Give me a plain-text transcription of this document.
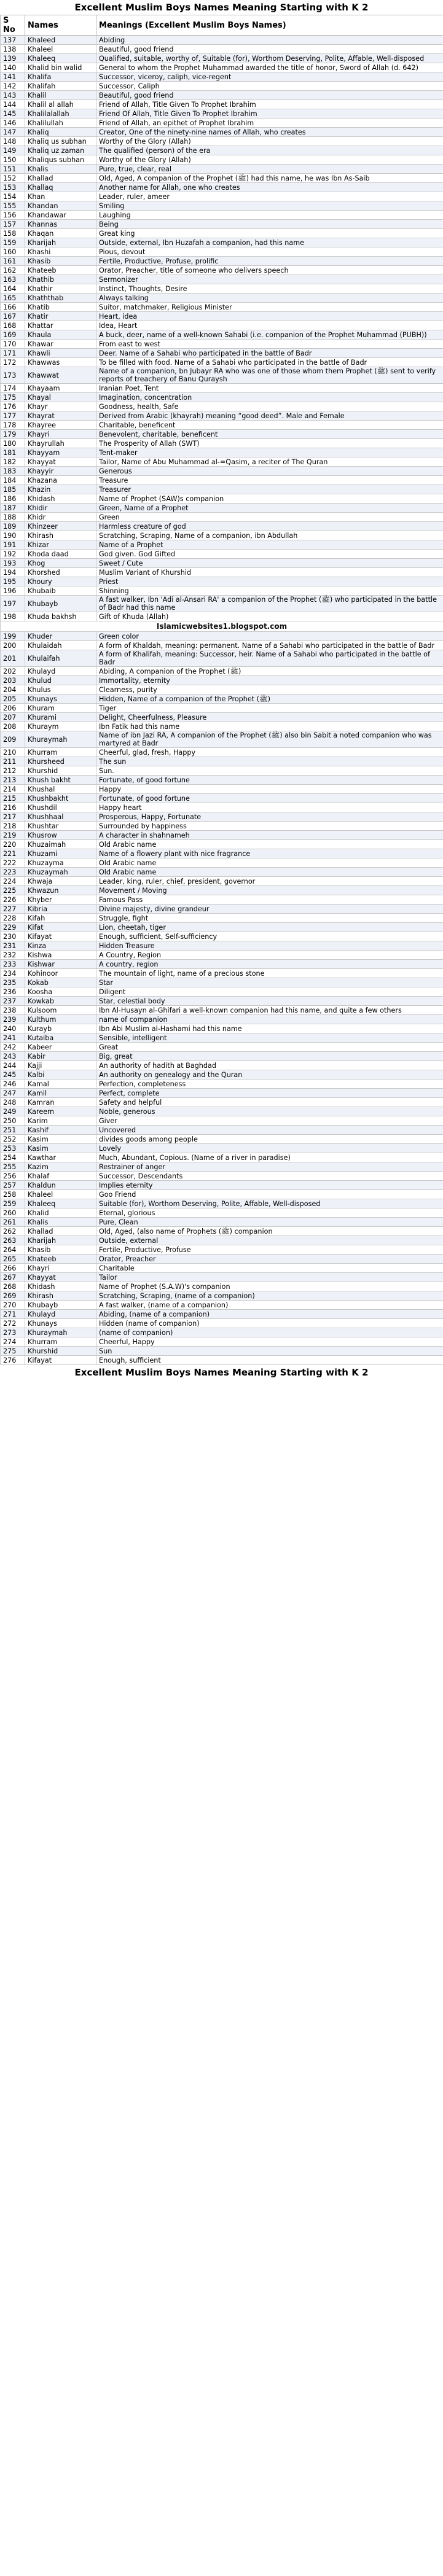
Excellent Muslim Boys Names Meaning Starting with K 2
S No	Names	Meanings (Excellent Muslim Boys Names)
137	Khaleed	Abiding
138	Khaleel	Beautiful, good friend
139	Khaleeq	Qualified, suitable, worthy of, Suitable (for), Worthom Deserving, Polite, Affable, Well-disposed
140	Khalid bin walid	General to whom the Prophet Muhammad awarded the title of honor, Sword of Allah (d. 642)
141	Khalifa	Successor, viceroy, caliph, vice-regent
142	Khalifah	Successor, Caliph
143	Khalil	Beautiful, good friend
144	Khalil al allah	Friend of Allah, Title Given To Prophet Ibrahim
145	Khalilalallah	Friend Of Allah, Title Given To Prophet Ibrahim
146	Khalilullah	Friend of Allah, an epithet of Prophet Ibrahim
147	Khaliq	Creator, One of the ninety-nine names of Allah, who creates
148	Khaliq us subhan	Worthy of the Glory (Allah)
149	Khaliq uz zaman	The qualified (person) of the era
150	Khaliqus subhan	Worthy of the Glory (Allah)
151	Khalis	Pure, true, clear, real
152	Khallad	Old, Aged, A companion of the Prophet (ﷺ) had this name, he was Ibn As-Saib
153	Khallaq	Another name for Allah, one who creates
154	Khan	Leader, ruler, ameer
155	Khandan	Smiling
156	Khandawar	Laughing
157	Khannas	Being
158	Khaqan	Great king
159	Kharijah	Outside, external, Ibn Huzafah a companion, had this name
160	Khashi	Pious, devout
161	Khasib	Fertile, Productive, Profuse, prolific
162	Khateeb	Orator, Preacher, title of someone who delivers speech
163	Khathib	Sermonizer
164	Khathir	Instinct, Thoughts, Desire
165	Khaththab	Always talking
166	Khatib	Suitor, matchmaker, Religious Minister
167	Khatir	Heart, idea
168	Khattar	Idea, Heart
169	Khaula	A buck, deer, name of a well-known Sahabi (i.e. companion of the Prophet Muhammad (PUBH))
170	Khawar	From east to west
171	Khawli	Deer. Name of a Sahabi who participated in the battle of Badr
172	Khawwas	To be filled with food. Name of a Sahabi who participated in the battle of Badr
173	Khawwat	Name of a companion, bn Jubayr RA who was one of those whom them Prophet (ﷺ) sent to verify reports of treachery of Banu Quraysh
174	Khayaam	Iranian Poet, Tent
175	Khayal	Imagination, concentration
176	Khayr	Goodness, health, Safe
177	Khayrat	Derived from Arabic (khayrah) meaning “good deed”. Male and Female
178	Khayree	Charitable, beneficent
179	Khayri	Benevolent, charitable, beneficent
180	Khayrullah	The Prosperity of Allah (SWT)
181	Khayyam	Tent-maker
182	Khayyat	Tailor, Name of Abu Muhammad al-=Qasim, a reciter of The Quran
183	Khayyir	Generous
184	Khazana	Treasure
185	Khazin	Treasurer
186	Khidash	Name of Prophet (SAW)s companion
187	Khidir	Green, Name of a Prophet
188	Khidr	Green
189	Khinzeer	Harmless creature of god
190	Khirash	Scratching, Scraping, Name of a companion, ibn Abdullah
191	Khizar	Name of a Prophet
192	Khoda daad	God given. God Gifted
193	Khog	Sweet / Cute
194	Khorshed	Muslim Variant of Khurshid
195	Khoury	Priest
196	Khubaib	Shinning
197	Khubayb	A fast walker, Ibn 'Adi al-Ansari RA' a companion of the Prophet (ﷺ) who participated in the battle of Badr had this name
198	Khuda bakhsh	Gift of Khuda (Allah)
Islamicwebsites1.blogspot.com		
199	Khuder	Green color
200	Khulaidah	A form of Khaldah, meaning: permanent. Name of a Sahabi who participated in the battle of Badr
201	Khulaifah	A form of Khalifah, meaning: Successor, heir. Name of a Sahabi who participated in the battle of Badr
202	Khulayd	Abiding, A companion of the Prophet (ﷺ)
203	Khulud	Immortality, eternity
204	Khulus	Clearness, purity
205	Khunays	Hidden, Name of a companion of the Prophet (ﷺ)
206	Khuram	Tiger
207	Khurami	Delight, Cheerfulness, Pleasure
208	Khuraym	Ibn Fatik had this name
209	Khuraymah	Name of ibn Jazi RA, A companion of the Prophet (ﷺ) also bin Sabit a noted companion who was martyred at Badr
210	Khurram	Cheerful, glad, fresh, Happy
211	Khursheed	The sun
212	Khurshid	Sun.
213	Khush bakht	Fortunate, of good fortune
214	Khushal	Happy
215	Khushbakht	Fortunate, of good fortune
216	Khushdil	Happy heart
217	Khushhaal	Prosperous, Happy, Fortunate
218	Khushtar	Surrounded by happiness
219	Khusrow	A character in shahnameh
220	Khuzaimah	Old Arabic name
221	Khuzami	Name of a flowery plant with nice fragrance
222	Khuzayma	Old Arabic name
223	Khuzaymah	Old Arabic name
224	Khwaja	Leader, king, ruler, chief, president, governor
225	Khwazun	Movement / Moving
226	Khyber	Famous Pass
227	Kibria	Divine majesty, divine grandeur
228	Kifah	Struggle, fight
229	Kifat	Lion, cheetah, tiger
230	Kifayat	Enough, sufficient, Self-sufficiency
231	Kinza	Hidden Treasure
232	Kishwa	A Country, Region
233	Kishwar	A country, region
234	Kohinoor	The mountain of light, name of a precious stone
235	Kokab	Star
236	Koosha	Diligent
237	Kowkab	Star, celestial body
238	Kulsoom	Ibn Al-Husayn al-Ghifari a well-known companion had this name, and quite a few others
239	Kulthum	name of companion
240	Kurayb	Ibn Abi Muslim al-Hashami had this name
241	Kutaiba	Sensible, intelligent
242	Kabeer	Great
243	Kabir	Big, great
244	Kajji	An authority of hadith at Baghdad
245	Kalbi	An authority on genealogy and the Quran
246	Kamal	Perfection, completeness
247	Kamil	Perfect, complete
248	Kamran	Safety and helpful
249	Kareem	Noble, generous
250	Karim	Giver
251	Kashif	Uncovered
252	Kasim	divides goods among people
253	Kasim	Lovely
254	Kawthar	Much, Abundant, Copious. (Name of a river in paradise)
255	Kazim	Restrainer of anger
256	Khalaf	Successor, Descendants
257	Khaldun	Implies eternity
258	Khaleel	Goo Friend
259	Khaleeq	Suitable (for), Worthom Deserving, Polite, Affable, Well-disposed
260	Khalid	Eternal, glorious
261	Khalis	Pure, Clean
262	Khallad	Old, Aged, (also name of Prophets (ﷺ) companion
263	Kharijah	Outside, external
264	Khasib	Fertile, Productive, Profuse
265	Khateeb	Orator, Preacher
266	Khayri	Charitable
267	Khayyat	Tailor
268	Khidash	Name of Prophet (S.A.W)'s companion
269	Khirash	Scratching, Scraping, (name of a companion)
270	Khubayb	A fast walker, (name of a companion)
271	Khulayd	Abiding, (name of a companion)
272	Khunays	Hidden (name of companion)
273	Khuraymah	(name of companion)
274	Khurram	Cheerful, Happy
275	Khurshid	Sun
276	Kifayat	Enough, sufficient
Excellent Muslim Boys Names Meaning Starting with K 2
